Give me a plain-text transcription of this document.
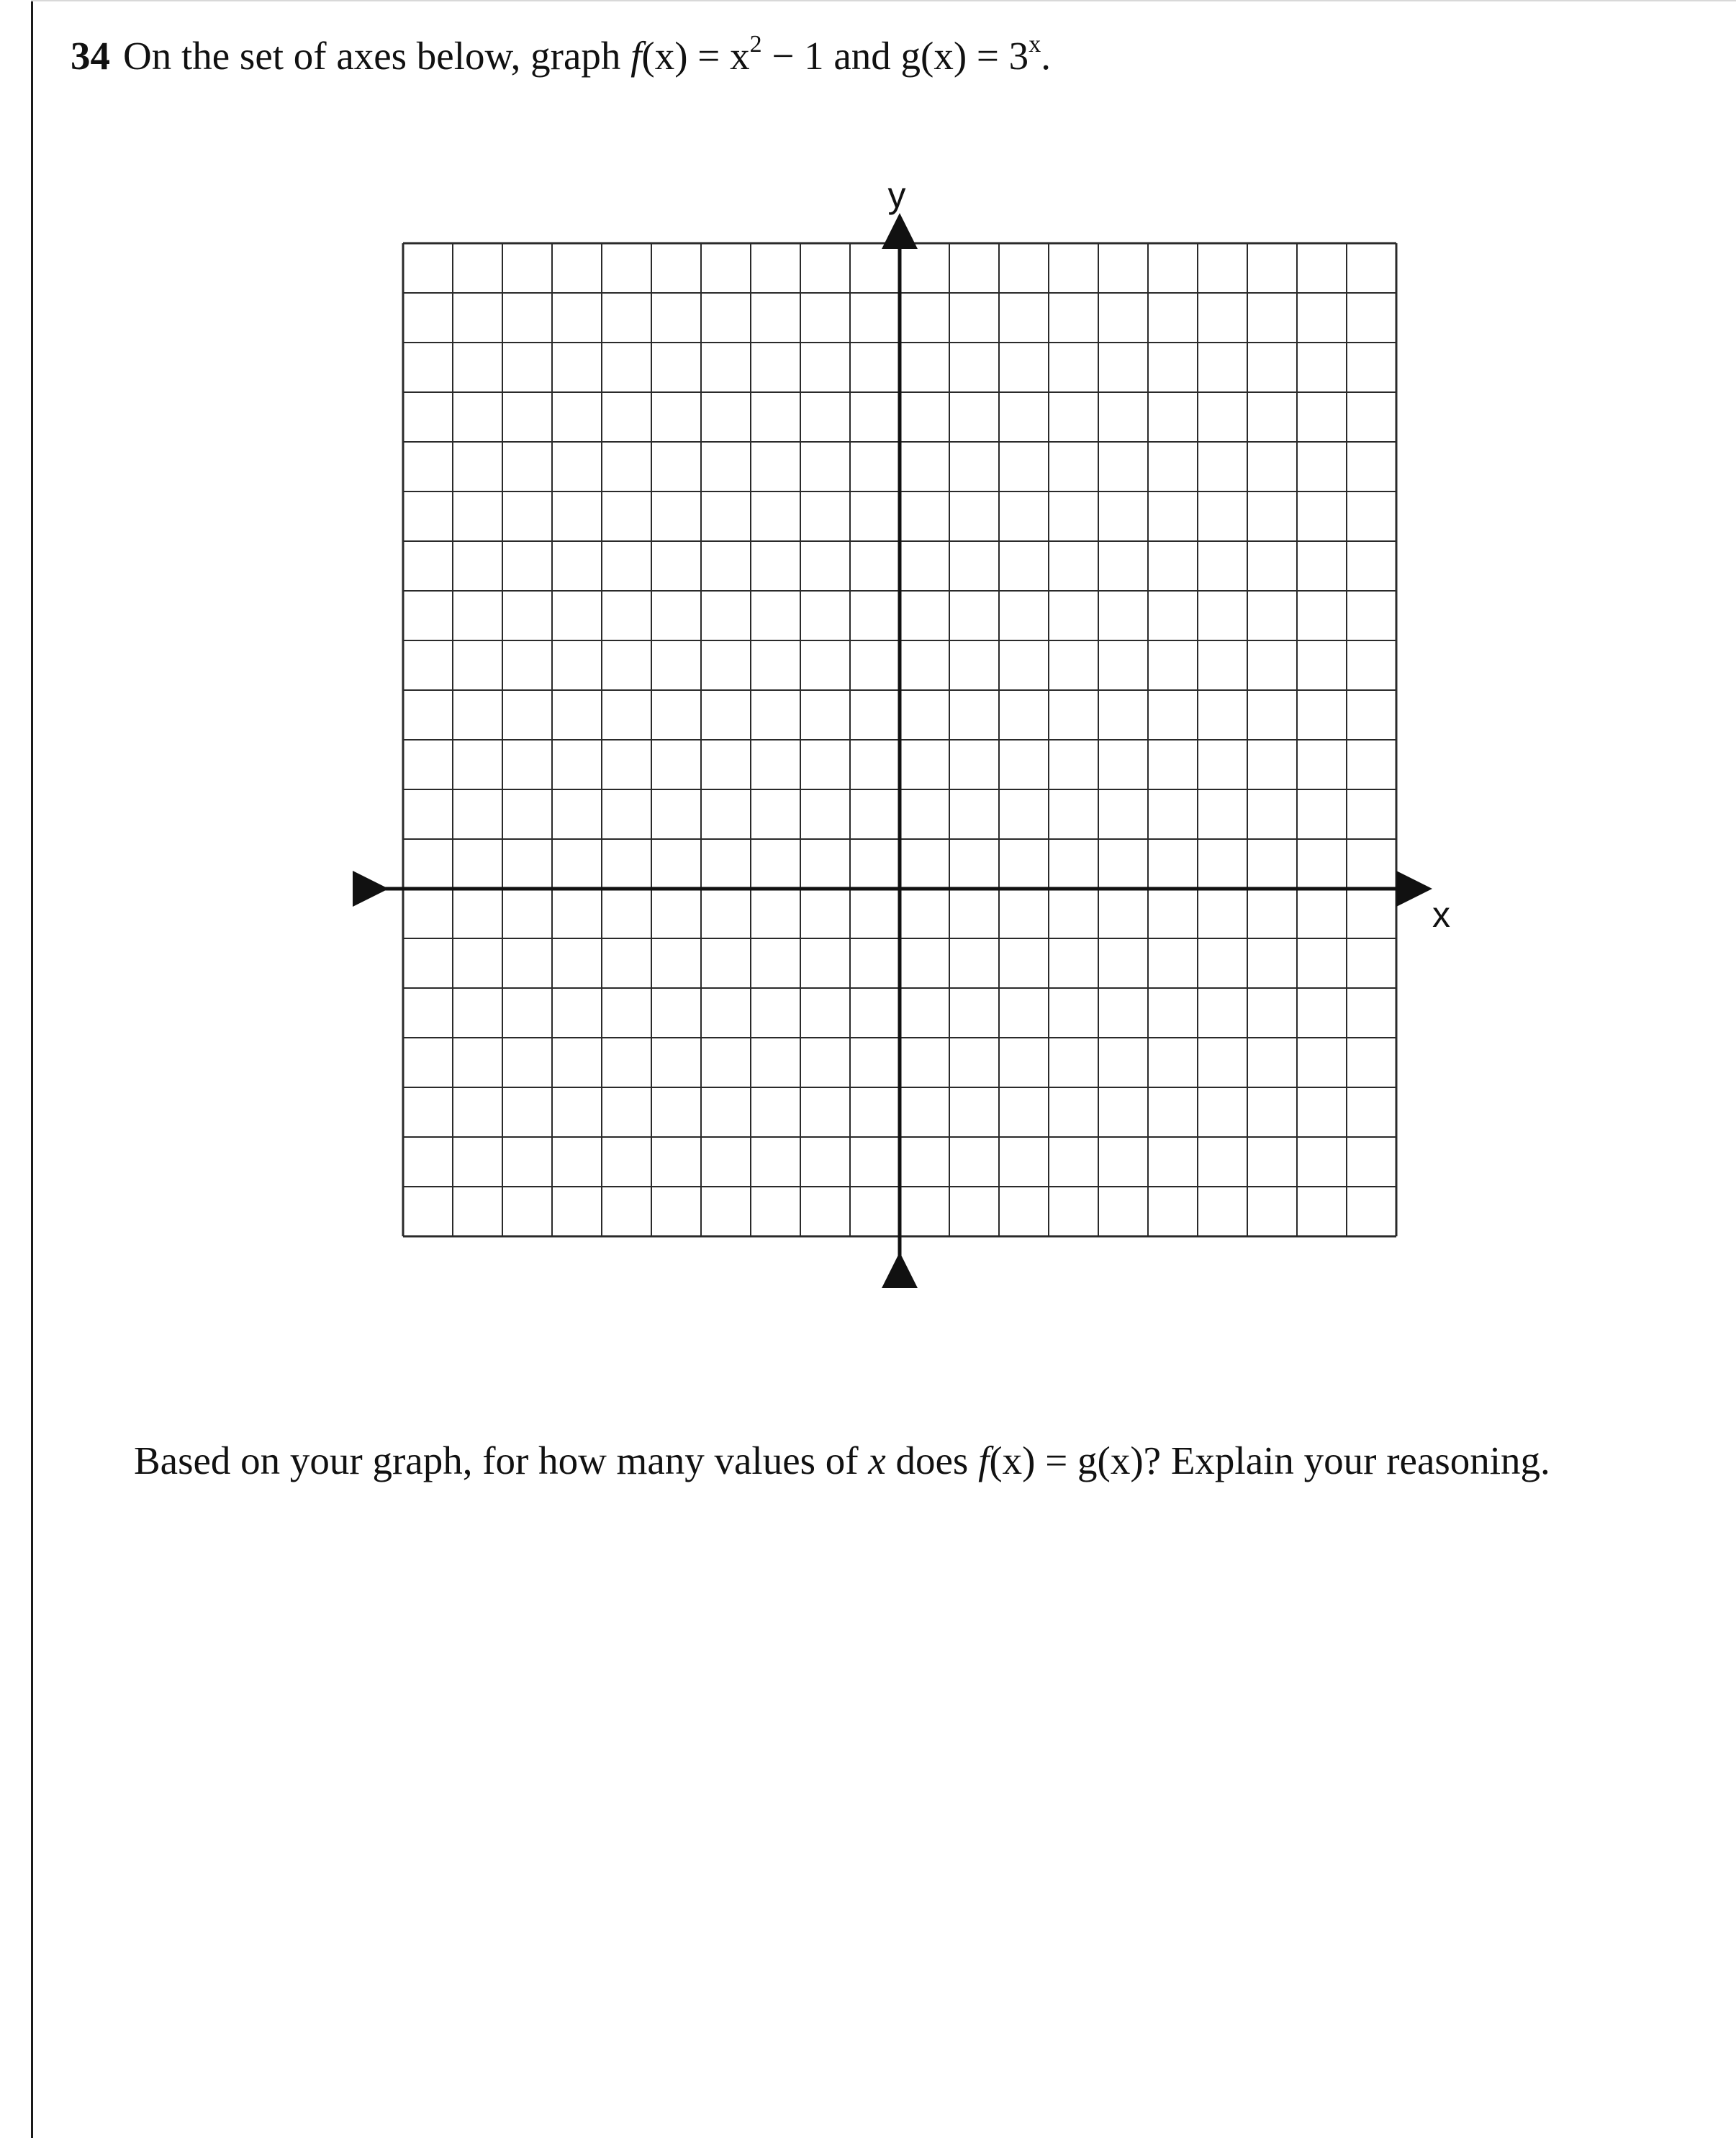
34 On the set of axes below, graph $f(x) = x^2 - 1$ and $g(x) = 3^x$.
y
x
Based on your graph, for how many values of x does f(x) = g(x)? Explain your reasoning.
